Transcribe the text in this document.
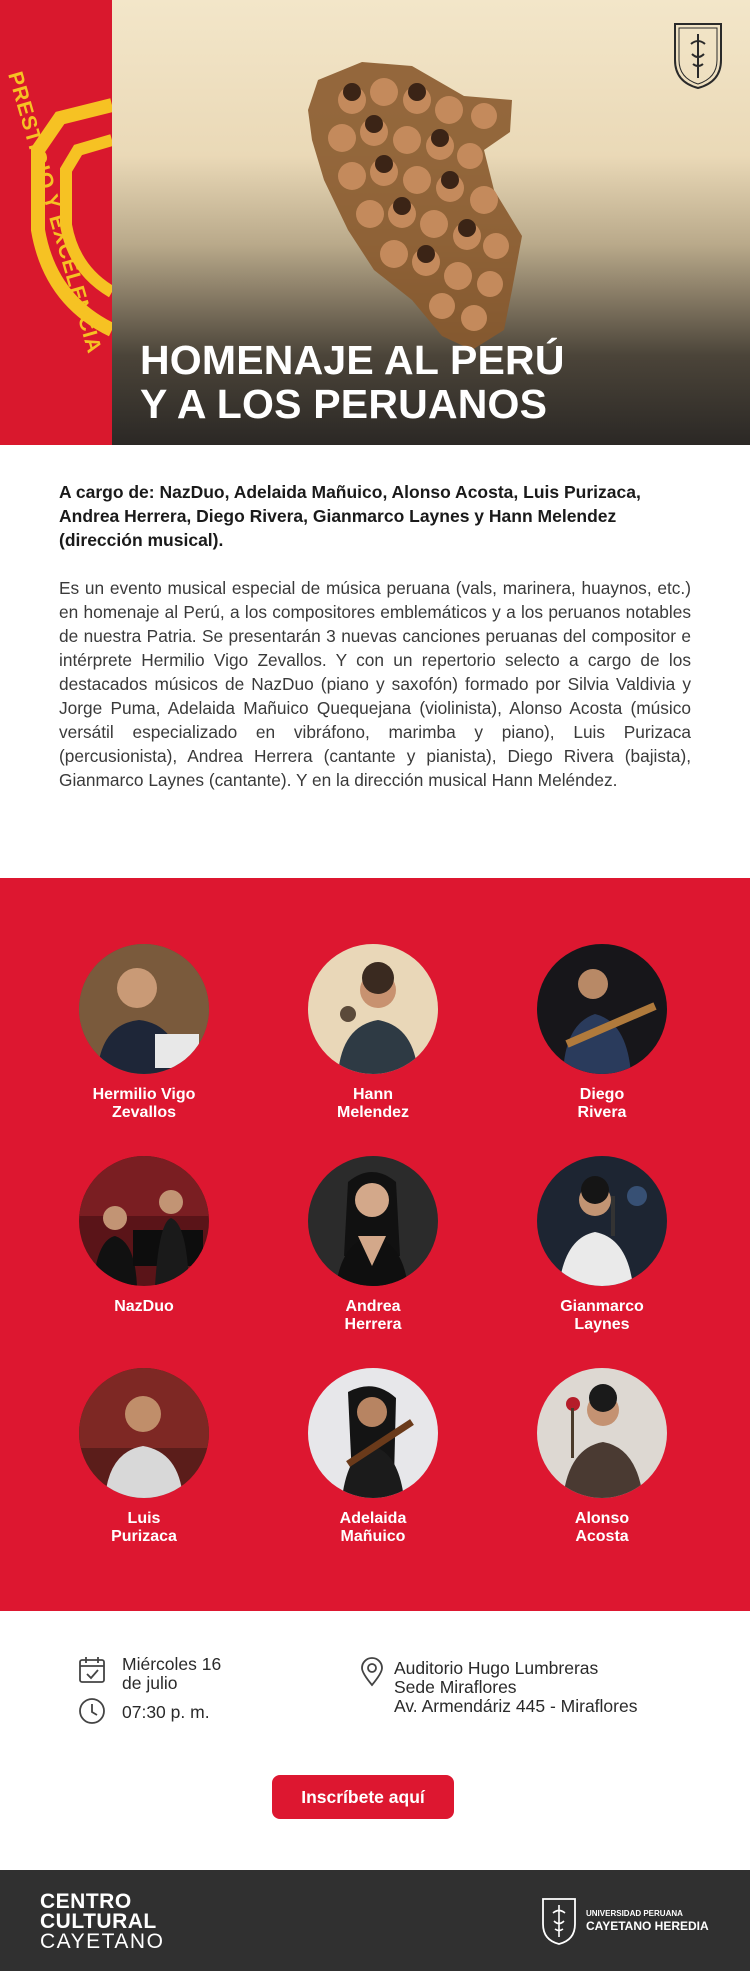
PRESTIGIO Y EXCELENCIA
HOMENAJE AL PERÚ
Y A LOS PERUANOS

A cargo de: NazDuo, Adelaida Mañuico, Alonso Acosta, Luis Purizaca, Andrea Herrera, Diego Rivera, Gianmarco Laynes y Hann Melendez (dirección musical).

Es un evento musical especial de música peruana (vals, marinera, huaynos, etc.) en homenaje al Perú, a los compositores emblemáticos y a los peruanos notables de nuestra Patria. Se presentarán 3 nuevas canciones peruanas del compositor e intérprete Hermilio Vigo Zevallos. Y con un repertorio selecto a cargo de los destacados músicos de NazDuo (piano y saxofón) formado por Silvia Valdivia y Jorge Puma, Adelaida Mañuico Quequejana (violinista), Alonso Acosta (músico versátil especializado en vibráfono, marimba y piano), Luis Purizaca (percusionista), Andrea Herrera (cantante y pianista), Diego Rivera (bajista), Gianmarco Laynes (cantante). Y en la dirección musical Hann Meléndez.

Hermilio Vigo
Zevallos
Hann
Melendez
Diego
Rivera
NazDuo	Andrea
Herrera
Gianmarco
Laynes
Luis
Purizaca
Adelaida
Mañuico
Alonso
Acosta
Miércoles 16
de julio
07:30 p. m.
Auditorio Hugo Lumbreras
Sede Miraflores
Av. Armendáriz 445 - Miraflores
Inscríbete aquí
CENTRO
CULTURAL
CAYETANO
UNIVERSIDAD PERUANA
CAYETANO HEREDIA
